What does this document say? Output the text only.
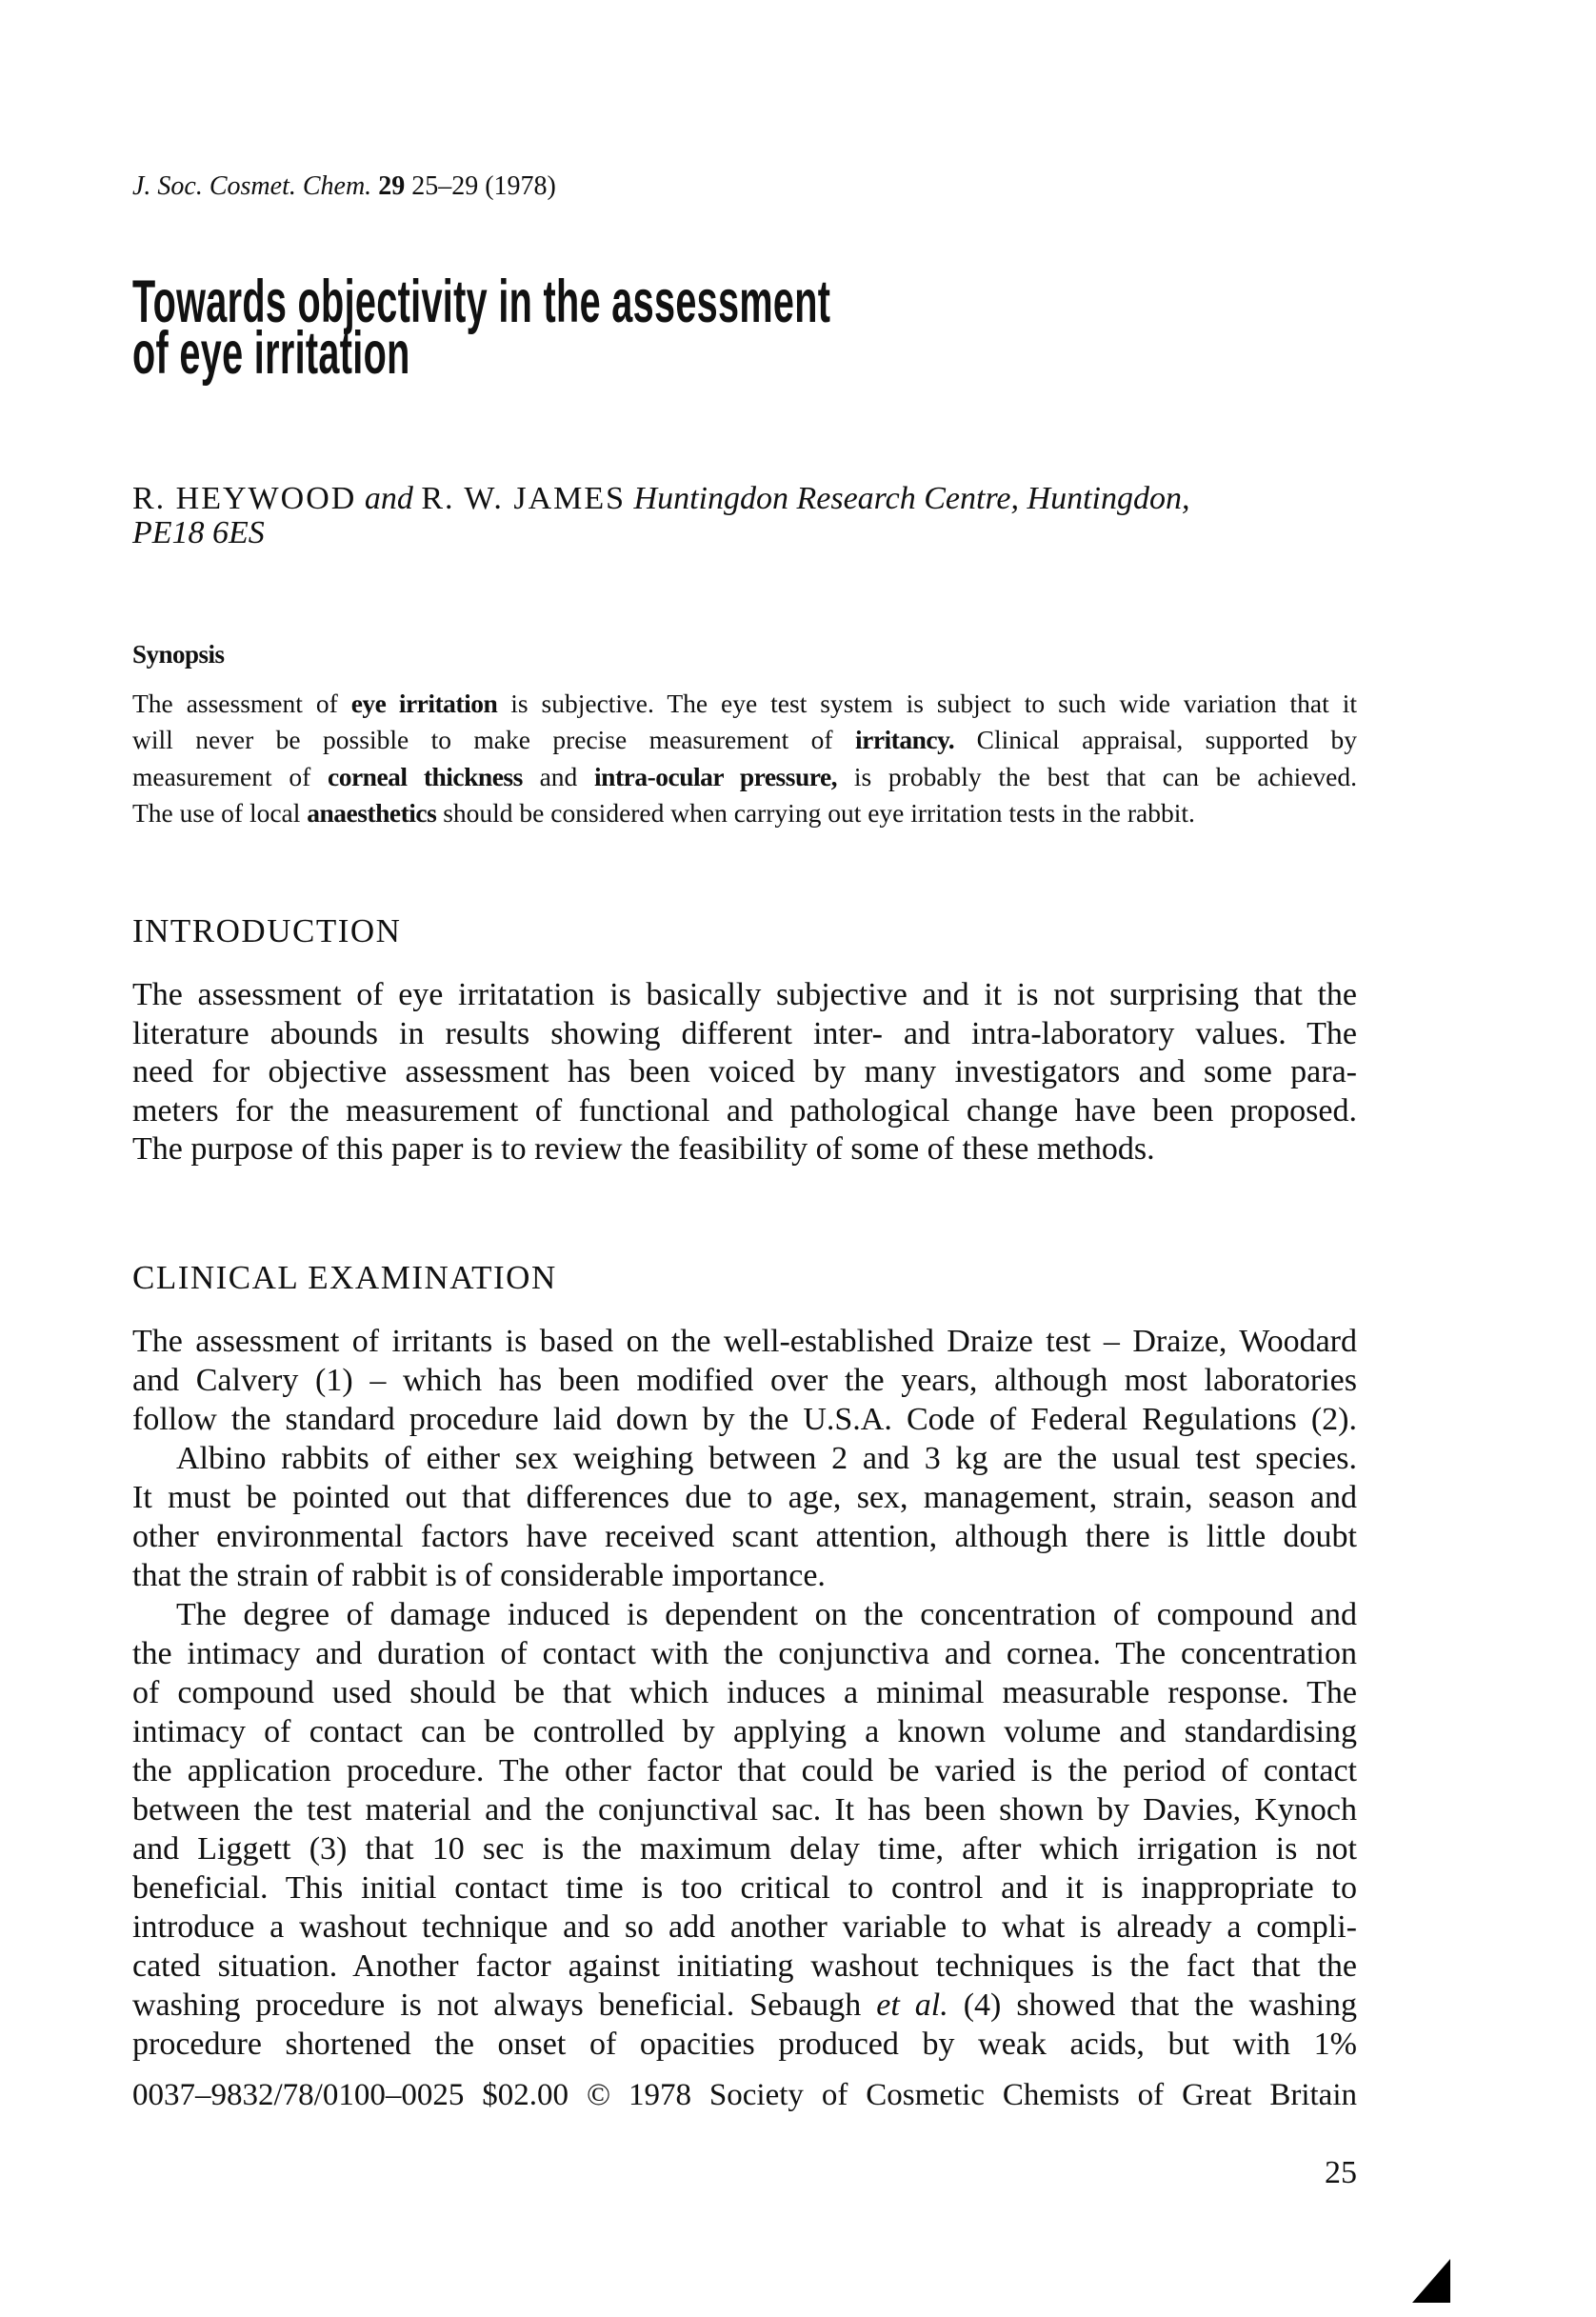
J. Soc. Cosmet. Chem. 29 25–29 (1978)
Towards objectivity in the assessment
of eye irritation
R. HEYWOOD and R. W. JAMES Huntingdon Research Centre, Huntingdon,
PE18 6ES
Synopsis
The assessment of eye irritation is subjective. The eye test system is subject to such wide variation that it
will never be possible to make precise measurement of irritancy. Clinical appraisal, supported by
measurement of corneal thickness and intra-ocular pressure, is probably the best that can be achieved.
The use of local anaesthetics should be considered when carrying out eye irritation tests in the rabbit.
INTRODUCTION
The assessment of eye irritatation is basically subjective and it is not surprising that the
literature abounds in results showing different inter- and intra-laboratory values. The
need for objective assessment has been voiced by many investigators and some para-
meters for the measurement of functional and pathological change have been proposed.
The purpose of this paper is to review the feasibility of some of these methods.
CLINICAL EXAMINATION
The assessment of irritants is based on the well-established Draize test – Draize, Woodard
and Calvery (1) – which has been modified over the years, although most laboratories
follow the standard procedure laid down by the U.S.A. Code of Federal Regulations (2).
Albino rabbits of either sex weighing between 2 and 3 kg are the usual test species.
It must be pointed out that differences due to age, sex, management, strain, season and
other environmental factors have received scant attention, although there is little doubt
that the strain of rabbit is of considerable importance.
The degree of damage induced is dependent on the concentration of compound and
the intimacy and duration of contact with the conjunctiva and cornea. The concentration
of compound used should be that which induces a minimal measurable response. The
intimacy of contact can be controlled by applying a known volume and standardising
the application procedure. The other factor that could be varied is the period of contact
between the test material and the conjunctival sac. It has been shown by Davies, Kynoch
and Liggett (3) that 10 sec is the maximum delay time, after which irrigation is not
beneficial. This initial contact time is too critical to control and it is inappropriate to
introduce a washout technique and so add another variable to what is already a compli-
cated situation. Another factor against initiating washout techniques is the fact that the
washing procedure is not always beneficial. Sebaugh et al. (4) showed that the washing
procedure shortened the onset of opacities produced by weak acids, but with 1%
0037–9832/78/0100–0025 $02.00 © 1978 Society of Cosmetic Chemists of Great Britain
25
